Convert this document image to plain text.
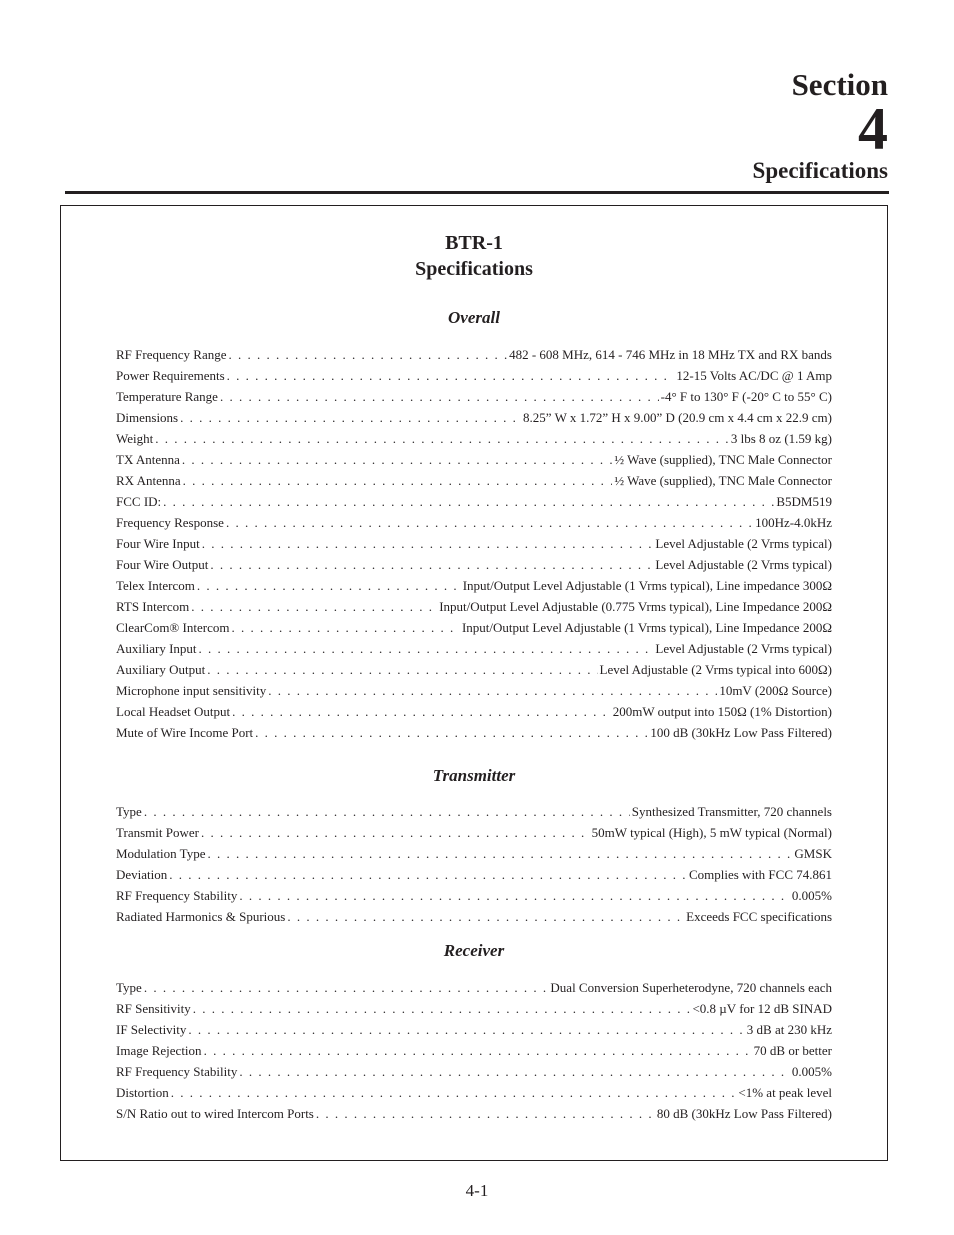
Section
4
Specifications
BTR-1
Specifications
Overall
RF Frequency Range . . .	482 - 608 MHz, 614 - 746 MHz in 18 MHz TX and RX bands
Power Requirements . . .	12-15 Volts AC/DC @ 1 Amp
Temperature Range . . .	-4° F to 130° F (-20° C to 55° C)
Dimensions . . .	8.25” W x 1.72” H x 9.00” D (20.9 cm x 4.4 cm x 22.9 cm)
Weight . . .	3 lbs 8 oz (1.59 kg)
TX Antenna . . .	½ Wave (supplied), TNC Male Connector
RX Antenna . . .	½ Wave (supplied), TNC Male Connector
FCC ID: . . .	B5DM519
Frequency Response . . .	100Hz-4.0kHz
Four Wire Input . . .	Level Adjustable (2 Vrms typical)
Four Wire Output . . .	Level Adjustable (2 Vrms typical)
Telex Intercom . . .	Input/Output Level Adjustable (1 Vrms typical), Line impedance 300Ω
RTS Intercom . . .	Input/Output Level Adjustable (0.775 Vrms typical), Line Impedance 200Ω
ClearCom® Intercom . . .	Input/Output Level Adjustable (1 Vrms typical), Line Impedance 200Ω
Auxiliary Input . . .	Level Adjustable (2 Vrms typical)
Auxiliary Output . . .	Level Adjustable (2 Vrms typical into 600Ω)
Microphone input sensitivity . . .	10mV (200Ω Source)
Local Headset Output . . .	200mW output into 150Ω (1% Distortion)
Mute of Wire Income Port . . .	100 dB (30kHz Low Pass Filtered)
Transmitter
Type . . .	Synthesized Transmitter, 720 channels
Transmit Power . . .	50mW typical (High), 5 mW typical (Normal)
Modulation Type . . .	GMSK
Deviation . . .	Complies with FCC 74.861
RF Frequency Stability . . .	0.005%
Radiated Harmonics & Spurious . . .	Exceeds FCC specifications
Receiver
Type . . .	Dual Conversion Superheterodyne, 720 channels each
RF Sensitivity . . .	<0.8 µV for 12 dB SINAD
IF Selectivity . . .	3 dB at 230 kHz
Image Rejection . . .	70 dB or better
RF Frequency Stability . . .	0.005%
Distortion . . .	<1% at peak level
S/N Ratio out to wired Intercom Ports . . .	80 dB (30kHz Low Pass Filtered)
4-1
